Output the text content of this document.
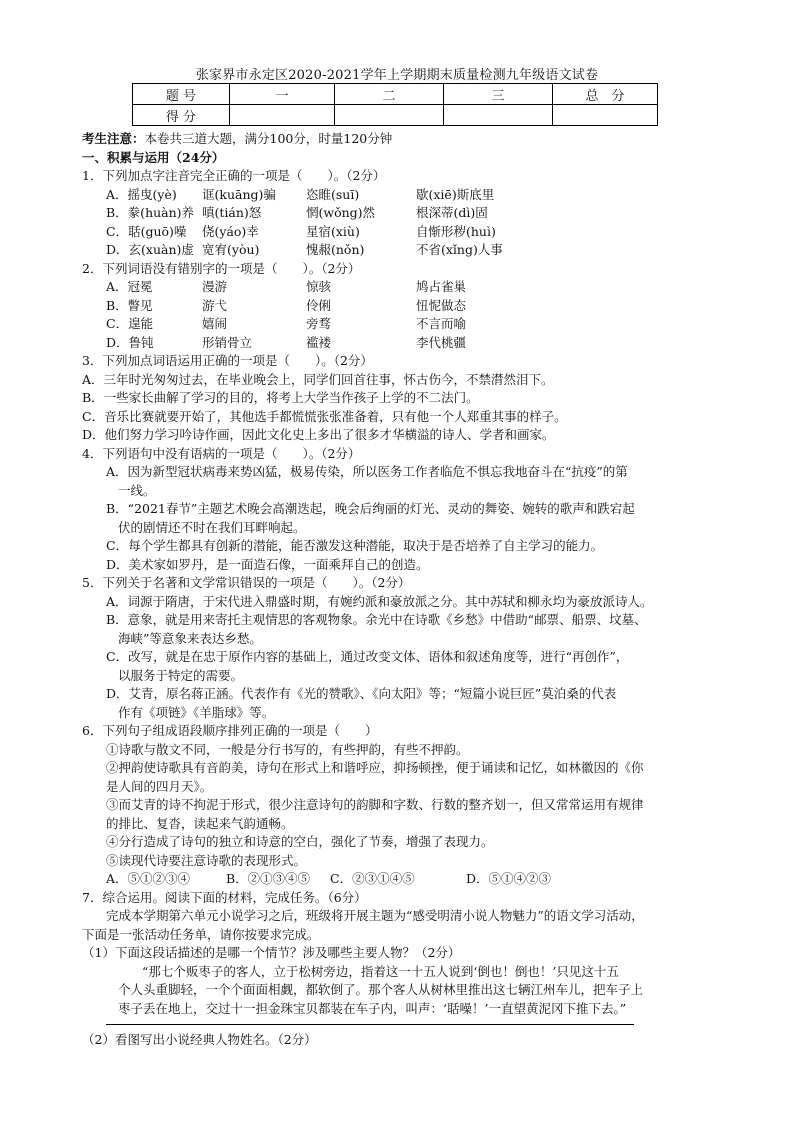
张家界市永定区2020-2021学年上学期期末质量检测九年级语文试卷
题 号	一	二	三	总　分
得 分				
考生注意：本卷共三道大题，满分100分，时量120分钟
一、积累与运用（24分）
1．下列加点字注音完全正确的一项是（　　）。（2分）
A．摇曳(yè)	诓(kuāng)骗	恣睢(suī)	歇(xiē)斯底里
B．豢(huàn)养 嗔(tián)怒	惘(wǒng)然	根深蒂(dì)固
C．聒(guō)噪	侥(yáo)幸	星宿(xiù)	自惭形秽(huì)
D．玄(xuàn)虚 宽宥(yòu)	愧赧(nǒn)	不省(xǐng)人事
2．下列词语没有错别字的一项是（　　）。（2分）
A．冠冕	漫游	惊骇	鸠占雀巢
B．瞥见	游弋	伶俐	忸怩做态
C．遑能	嬉闹	旁骛	不言而喻
D．鲁钝	形销骨立	褴褛	李代桃疆
3．下列加点词语运用正确的一项是（　　）。（2分）
A．三年时光匆匆过去，在毕业晚会上，同学们回首往事，怀古伤今，不禁潸然泪下。
B．一些家长曲解了学习的目的，将考上大学当作孩子上学的不二法门。
C．音乐比赛就要开始了，其他选手都慌慌张张准备着，只有他一个人郑重其事的样子。
D．他们努力学习吟诗作画，因此文化史上多出了很多才华横溢的诗人、学者和画家。
4．下列语句中没有语病的一项是（　　）。（2分）
A．因为新型冠状病毒来势凶猛，极易传染，所以医务工作者临危不惧忘我地奋斗在“抗疫”的第
一线。
B．“2021春节”主题艺术晚会高潮迭起，晚会后绚丽的灯光、灵动的舞姿、婉转的歌声和跌宕起
伏的剧情还不时在我们耳畔响起。
C．每个学生都具有创新的潜能，能否激发这种潜能，取决于是否培养了自主学习的能力。
D．美术家如罗丹，是一面造石像，一面乘拜自己的创造。
5．下列关于名著和文学常识错误的一项是（　　）。（2分）
A．词源于隋唐，于宋代进入鼎盛时期，有婉约派和豪放派之分。其中苏轼和柳永均为豪放派诗人。
B．意象，就是用来寄托主观情思的客观物象。余光中在诗歌《乡愁》中借助“邮票、船票、坟墓、
海峡”等意象来表达乡愁。
C．改写，就是在忠于原作内容的基础上，通过改变文体、语体和叙述角度等，进行“再创作”，
以服务于特定的需要。
D．艾青，原名蒋正涵。代表作有《光的赞歌》、《向太阳》等；“短篇小说巨匠”莫泊桑的代表
作有《项链》《羊脂球》等。
6．下列句子组成语段顺序排列正确的一项是（　　）
①诗歌与散文不同，一般是分行书写的，有些押韵，有些不押韵。
②押韵使诗歌具有音韵美，诗句在形式上和谐呼应，抑扬顿挫，便于诵读和记忆，如林徽因的《你
是人间的四月天》。
③而艾青的诗不拘泥于形式，很少注意诗句的韵脚和字数、行数的整齐划一，但又常常运用有规律
的排比、复沓，读起来气韵通畅。
④分行造成了诗句的独立和诗意的空白，强化了节奏，增强了表现力。
⑤读现代诗要注意诗歌的表现形式。
A．⑤①②③④	B．②①③④⑤	C．②③①④⑤	D．⑤①④②③
7．综合运用。阅读下面的材料，完成任务。（6分）
完成本学期第六单元小说学习之后，班级将开展主题为“感受明清小说人物魅力”的语文学习活动，
下面是一张活动任务单，请你按要求完成。
（1）下面这段话描述的是哪一个情节？涉及哪些主要人物？（2分）
“那七个贩枣子的客人，立于松树旁边，指着这一十五人说到‘倒也！倒也！’只见这十五
个人头重脚轻，一个个面面相觑，都软倒了。那个客人从树林里推出这七辆江州车儿，把车子上
枣子丢在地上，交过十一担金珠宝贝都装在车子内，叫声：‘聒噪！’一直望黄泥冈下推下去。”
（2）看图写出小说经典人物姓名。（2分）
